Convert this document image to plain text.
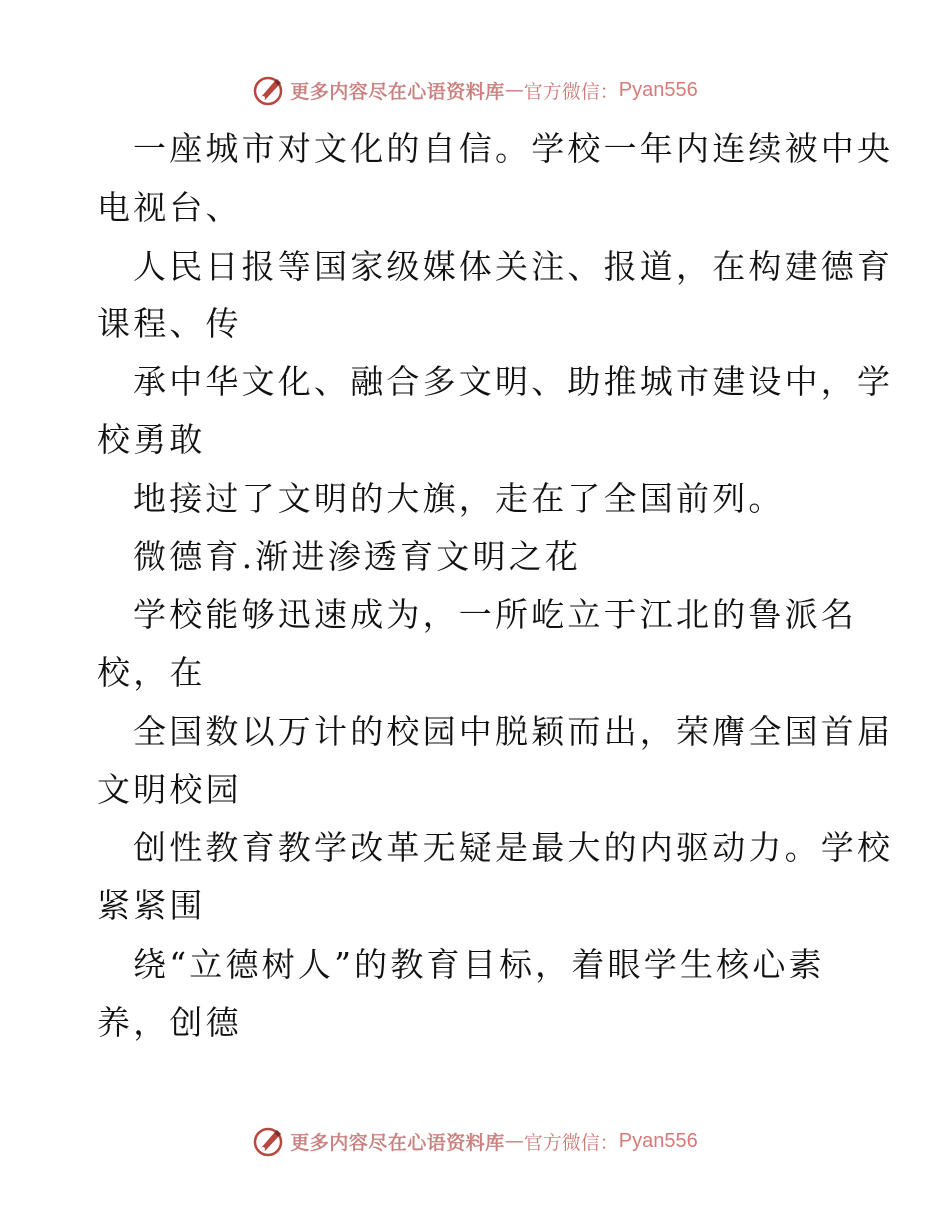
更多内容尽在心语资料库 — 官方微信： Pyan556
一座城市对文化的自信。学校一年内连续被中央
电视台、
人民日报等国家级媒体关注、报道，在构建德育
课程、传
承中华文化、融合多文明、助推城市建设中，学
校勇敢
地接过了文明的大旗，走在了全国前列。
微德育.渐进渗透育文明之花
学校能够迅速成为，一所屹立于江北的鲁派名
校，在
全国数以万计的校园中脱颖而出，荣膺全国首届
文明校园
创性教育教学改革无疑是最大的内驱动力。学校
紧紧围
绕“立德树人”的教育目标，着眼学生核心素
养，创德
更多内容尽在心语资料库 — 官方微信： Pyan556
